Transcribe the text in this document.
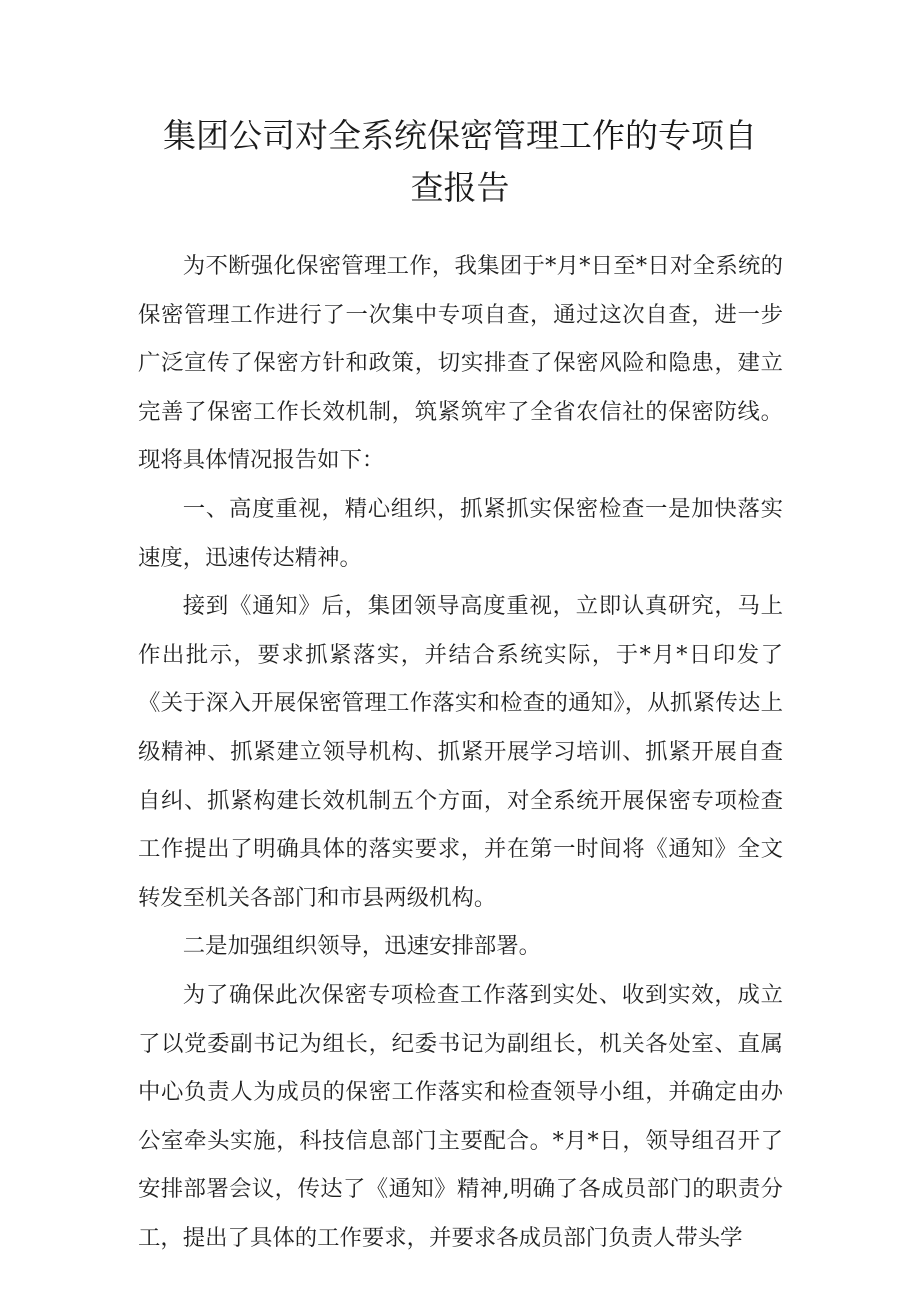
集团公司对全系统保密管理工作的专项自
查报告

为不断强化保密管理工作，我集团于*月*日至*日对全系统的保密管理工作进行了一次集中专项自查，通过这次自查，进一步广泛宣传了保密方针和政策，切实排查了保密风险和隐患，建立完善了保密工作长效机制，筑紧筑牢了全省农信社的保密防线。现将具体情况报告如下：

一、高度重视，精心组织，抓紧抓实保密检查一是加快落实速度，迅速传达精神。

接到《通知》后，集团领导高度重视，立即认真研究，马上作出批示，要求抓紧落实，并结合系统实际，于*月*日印发了《关于深入开展保密管理工作落实和检查的通知》，从抓紧传达上级精神、抓紧建立领导机构、抓紧开展学习培训、抓紧开展自查自纠、抓紧构建长效机制五个方面，对全系统开展保密专项检查工作提出了明确具体的落实要求，并在第一时间将《通知》全文转发至机关各部门和市县两级机构。

二是加强组织领导，迅速安排部署。

为了确保此次保密专项检查工作落到实处、收到实效，成立了以党委副书记为组长，纪委书记为副组长，机关各处室、直属中心负责人为成员的保密工作落实和检查领导小组，并确定由办公室牵头实施，科技信息部门主要配合。*月*日，领导组召开了安排部署会议，传达了《通知》精神,明确了各成员部门的职责分工，提出了具体的工作要求，并要求各成员部门负责人带头学
